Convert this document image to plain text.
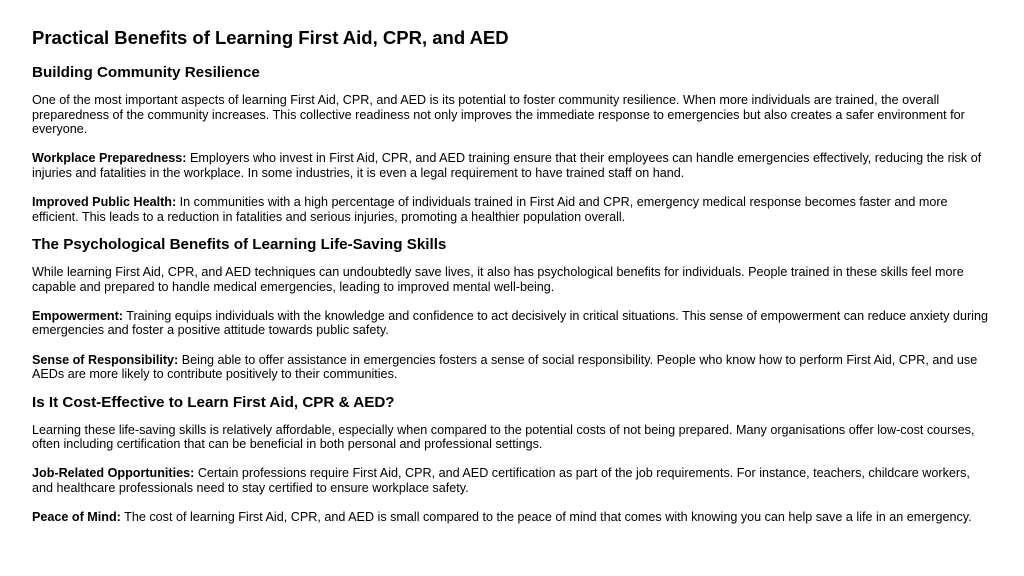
Practical Benefits of Learning First Aid, CPR, and AED
Building Community Resilience

One of the most important aspects of learning First Aid, CPR, and AED is its potential to foster community resilience. When more individuals are trained, the overall preparedness of the community increases. This collective readiness not only improves the immediate response to emergencies but also creates a safer environment for everyone.

Workplace Preparedness: Employers who invest in First Aid, CPR, and AED training ensure that their employees can handle emergencies effectively, reducing the risk of injuries and fatalities in the workplace. In some industries, it is even a legal requirement to have trained staff on hand.

Improved Public Health: In communities with a high percentage of individuals trained in First Aid and CPR, emergency medical response becomes faster and more efficient. This leads to a reduction in fatalities and serious injuries, promoting a healthier population overall.

The Psychological Benefits of Learning Life-Saving Skills

While learning First Aid, CPR, and AED techniques can undoubtedly save lives, it also has psychological benefits for individuals. People trained in these skills feel more capable and prepared to handle medical emergencies, leading to improved mental well-being.

Empowerment: Training equips individuals with the knowledge and confidence to act decisively in critical situations. This sense of empowerment can reduce anxiety during emergencies and foster a positive attitude towards public safety.

Sense of Responsibility: Being able to offer assistance in emergencies fosters a sense of social responsibility. People who know how to perform First Aid, CPR, and use AEDs are more likely to contribute positively to their communities.

Is It Cost-Effective to Learn First Aid, CPR & AED?

Learning these life-saving skills is relatively affordable, especially when compared to the potential costs of not being prepared. Many organisations offer low-cost courses, often including certification that can be beneficial in both personal and professional settings.

Job-Related Opportunities: Certain professions require First Aid, CPR, and AED certification as part of the job requirements. For instance, teachers, childcare workers, and healthcare professionals need to stay certified to ensure workplace safety.

Peace of Mind: The cost of learning First Aid, CPR, and AED is small compared to the peace of mind that comes with knowing you can help save a life in an emergency.
